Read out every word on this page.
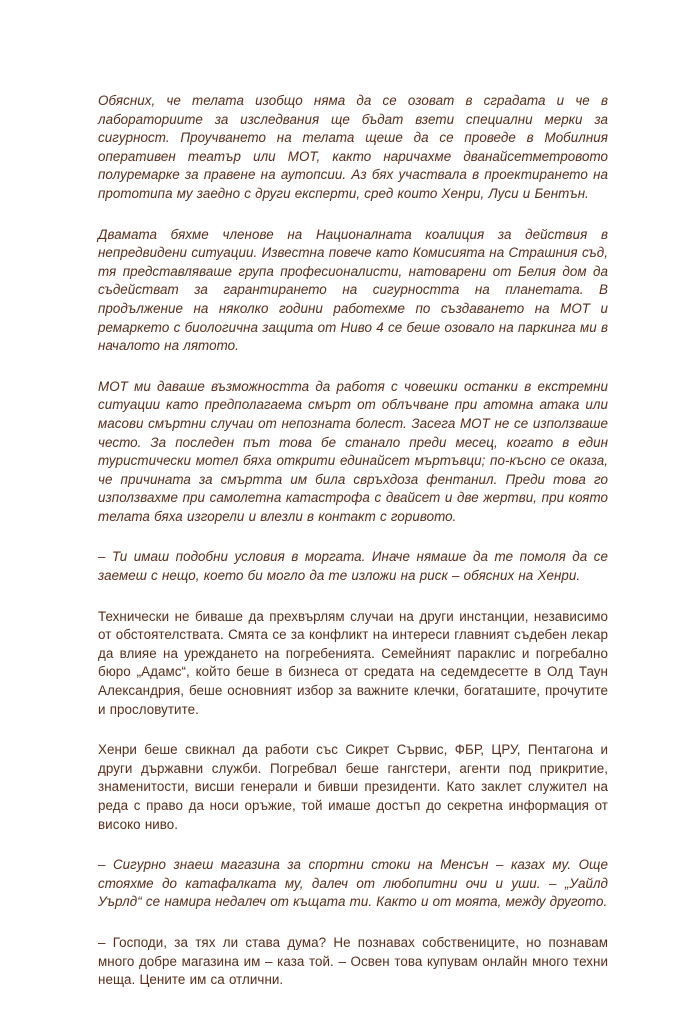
Обясних, че телата изобщо няма да се озоват в сградата и че в лабораториите за изследвания ще бъдат взети специални мерки за сигурност. Проучването на телата щеше да се проведе в Мобилния оперативен театър или МОТ, както наричахме дванайсетметровото полуремарке за правене на аутопсии. Аз бях участвала в проектирането на прототипа му заедно с други експерти, сред които Хенри, Луси и Бентън.

Двамата бяхме членове на Националната коалиция за действия в непредвидени ситуации. Известна повече като Комисията на Страшния съд, тя представляваше група професионалисти, натоварени от Белия дом да съдействат за гарантирането на сигурността на планетата. В продължение на няколко години работехме по създаването на МОТ и ремаркето с биологична защита от Ниво 4 се беше озовало на паркинга ми в началото на лятото.

МОТ ми даваше възможността да работя с човешки останки в екстремни ситуации като предполагаема смърт от облъчване при атомна атака или масови смъртни случаи от непозната болест. Засега МОТ не се използваше често. За последен път това бе станало преди месец, когато в един туристически мотел бяха открити единайсет мъртъвци; по-късно се оказа, че причината за смъртта им била свръхдоза фентанил. Преди това го използвахме при самолетна катастрофа с двайсет и две жертви, при която телата бяха изгорели и влезли в контакт с горивото.

– Ти имаш подобни условия в моргата. Иначе нямаше да те помоля да се заемеш с нещо, което би могло да те изложи на риск – обясних на Хенри.

Технически не биваше да прехвърлям случаи на други инстанции, независимо от обстоятелствата. Смята се за конфликт на интереси главният съдебен лекар да влияе на уреждането на погребенията. Семейният параклис и погребално бюро „Адамс“, който беше в бизнеса от средата на седемдесетте в Олд Таун Александрия, беше основният избор за важните клечки, богаташите, прочутите и прословутите.

Хенри беше свикнал да работи със Сикрет Сървис, ФБР, ЦРУ, Пентагона и други държавни служби. Погребвал беше гангстери, агенти под прикритие, знаменитости, висши генерали и бивши президенти. Като заклет служител на реда с право да носи оръжие, той имаше достъп до секретна информация от високо ниво.

– Сигурно знаеш магазина за спортни стоки на Менсън – казах му. Още стояхме до катафалката му, далеч от любопитни очи и уши. – „Уайлд Уърлд“ се намира недалеч от къщата ти. Както и от моята, между другото.

– Господи, за тях ли става дума? Не познавах собствениците, но познавам много добре магазина им – каза той. – Освен това купувам онлайн много техни неща. Цените им са отлични.
